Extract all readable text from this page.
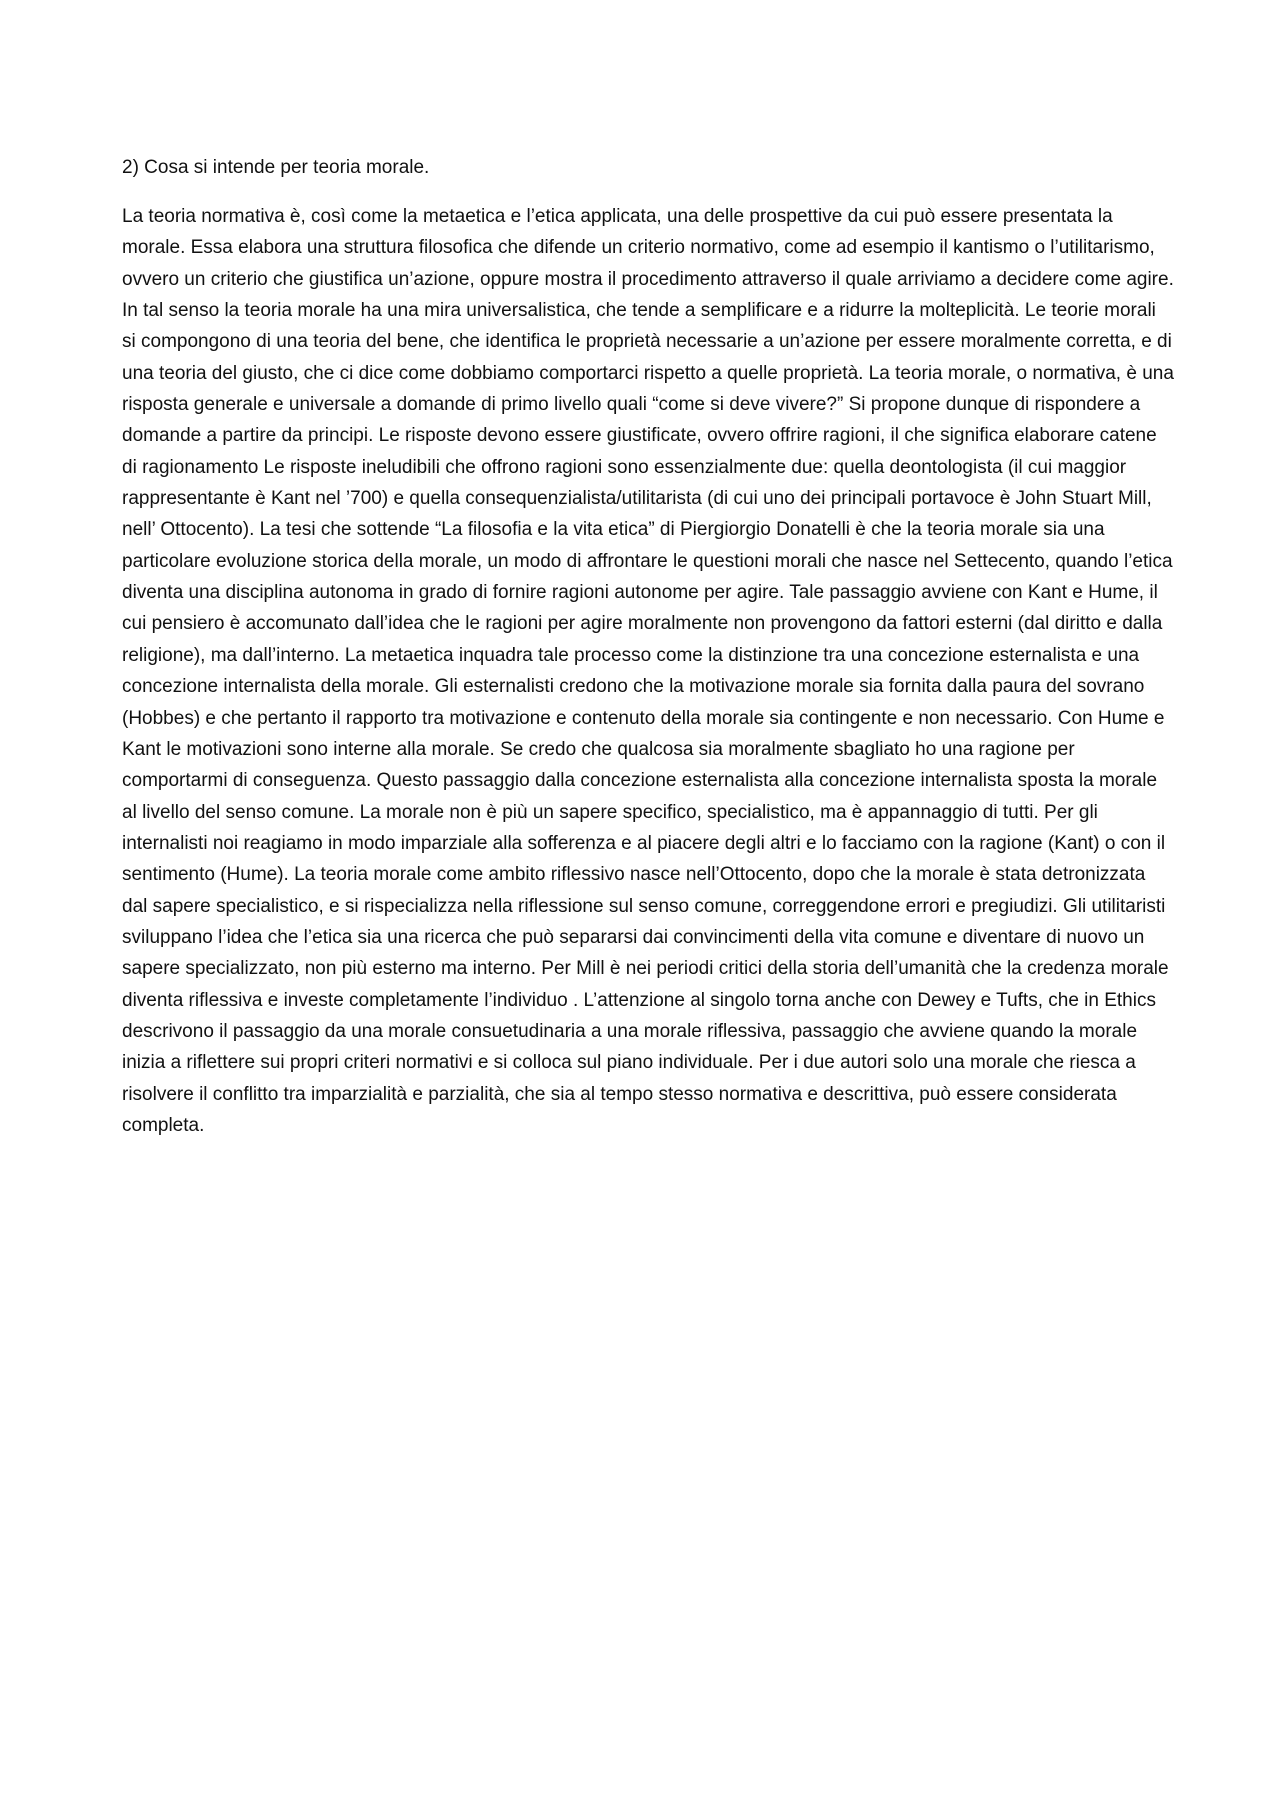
2) Cosa si intende per teoria morale.

La teoria normativa è, così come la metaetica e l’etica applicata, una delle prospettive da cui può essere presentata la morale. Essa elabora una struttura filosofica che difende un criterio normativo, come ad esempio il kantismo o l’utilitarismo, ovvero un criterio che giustifica un’azione, oppure mostra il procedimento attraverso il quale arriviamo a decidere come agire. In tal senso la teoria morale ha una mira universalistica, che tende a semplificare e a ridurre la molteplicità. Le teorie morali si compongono di una teoria del bene, che identifica le proprietà necessarie a un’azione per essere moralmente corretta, e di una teoria del giusto, che ci dice come dobbiamo comportarci rispetto a quelle proprietà. La teoria morale, o normativa, è una risposta generale e universale a domande di primo livello quali “come si deve vivere?” Si propone dunque di rispondere a domande a partire da principi. Le risposte devono essere giustificate, ovvero offrire ragioni, il che significa elaborare catene di ragionamento Le risposte ineludibili che offrono ragioni sono essenzialmente due: quella deontologista (il cui maggior rappresentante è Kant nel ’700) e quella consequenzialista/utilitarista (di cui uno dei principali portavoce è John Stuart Mill, nell’ Ottocento). La tesi che sottende “La filosofia e la vita etica” di Piergiorgio Donatelli è che la teoria morale sia una particolare evoluzione storica della morale, un modo di affrontare le questioni morali che nasce nel Settecento, quando l’etica diventa una disciplina autonoma in grado di fornire ragioni autonome per agire. Tale passaggio avviene con Kant e Hume, il cui pensiero è accomunato dall’idea che le ragioni per agire moralmente non provengono da fattori esterni (dal diritto e dalla religione), ma dall’interno. La metaetica inquadra tale processo come la distinzione tra una concezione esternalista e una concezione internalista della morale. Gli esternalisti credono che la motivazione morale sia fornita dalla paura del sovrano (Hobbes) e che pertanto il rapporto tra motivazione e contenuto della morale sia contingente e non necessario. Con Hume e Kant le motivazioni sono interne alla morale. Se credo che qualcosa sia moralmente sbagliato ho una ragione per comportarmi di conseguenza. Questo passaggio dalla concezione esternalista alla concezione internalista sposta la morale al livello del senso comune. La morale non è più un sapere specifico, specialistico, ma è appannaggio di tutti. Per gli internalisti noi reagiamo in modo imparziale alla sofferenza e al piacere degli altri e lo facciamo con la ragione (Kant) o con il sentimento (Hume). La teoria morale come ambito riflessivo nasce nell’Ottocento, dopo che la morale è stata detronizzata dal sapere specialistico, e si rispecializza nella riflessione sul senso comune, correggendone errori e pregiudizi. Gli utilitaristi sviluppano l’idea che l’etica sia una ricerca che può separarsi dai convincimenti della vita comune e diventare di nuovo un sapere specializzato, non più esterno ma interno. Per Mill è nei periodi critici della storia dell’umanità che la credenza morale diventa riflessiva e investe completamente l’individuo . L’attenzione al singolo torna anche con Dewey e Tufts, che in Ethics descrivono il passaggio da una morale consuetudinaria a una morale riflessiva, passaggio che avviene quando la morale inizia a riflettere sui propri criteri normativi e si colloca sul piano individuale. Per i due autori solo una morale che riesca a risolvere il conflitto tra imparzialità e parzialità, che sia al tempo stesso normativa e descrittiva, può essere considerata completa.
